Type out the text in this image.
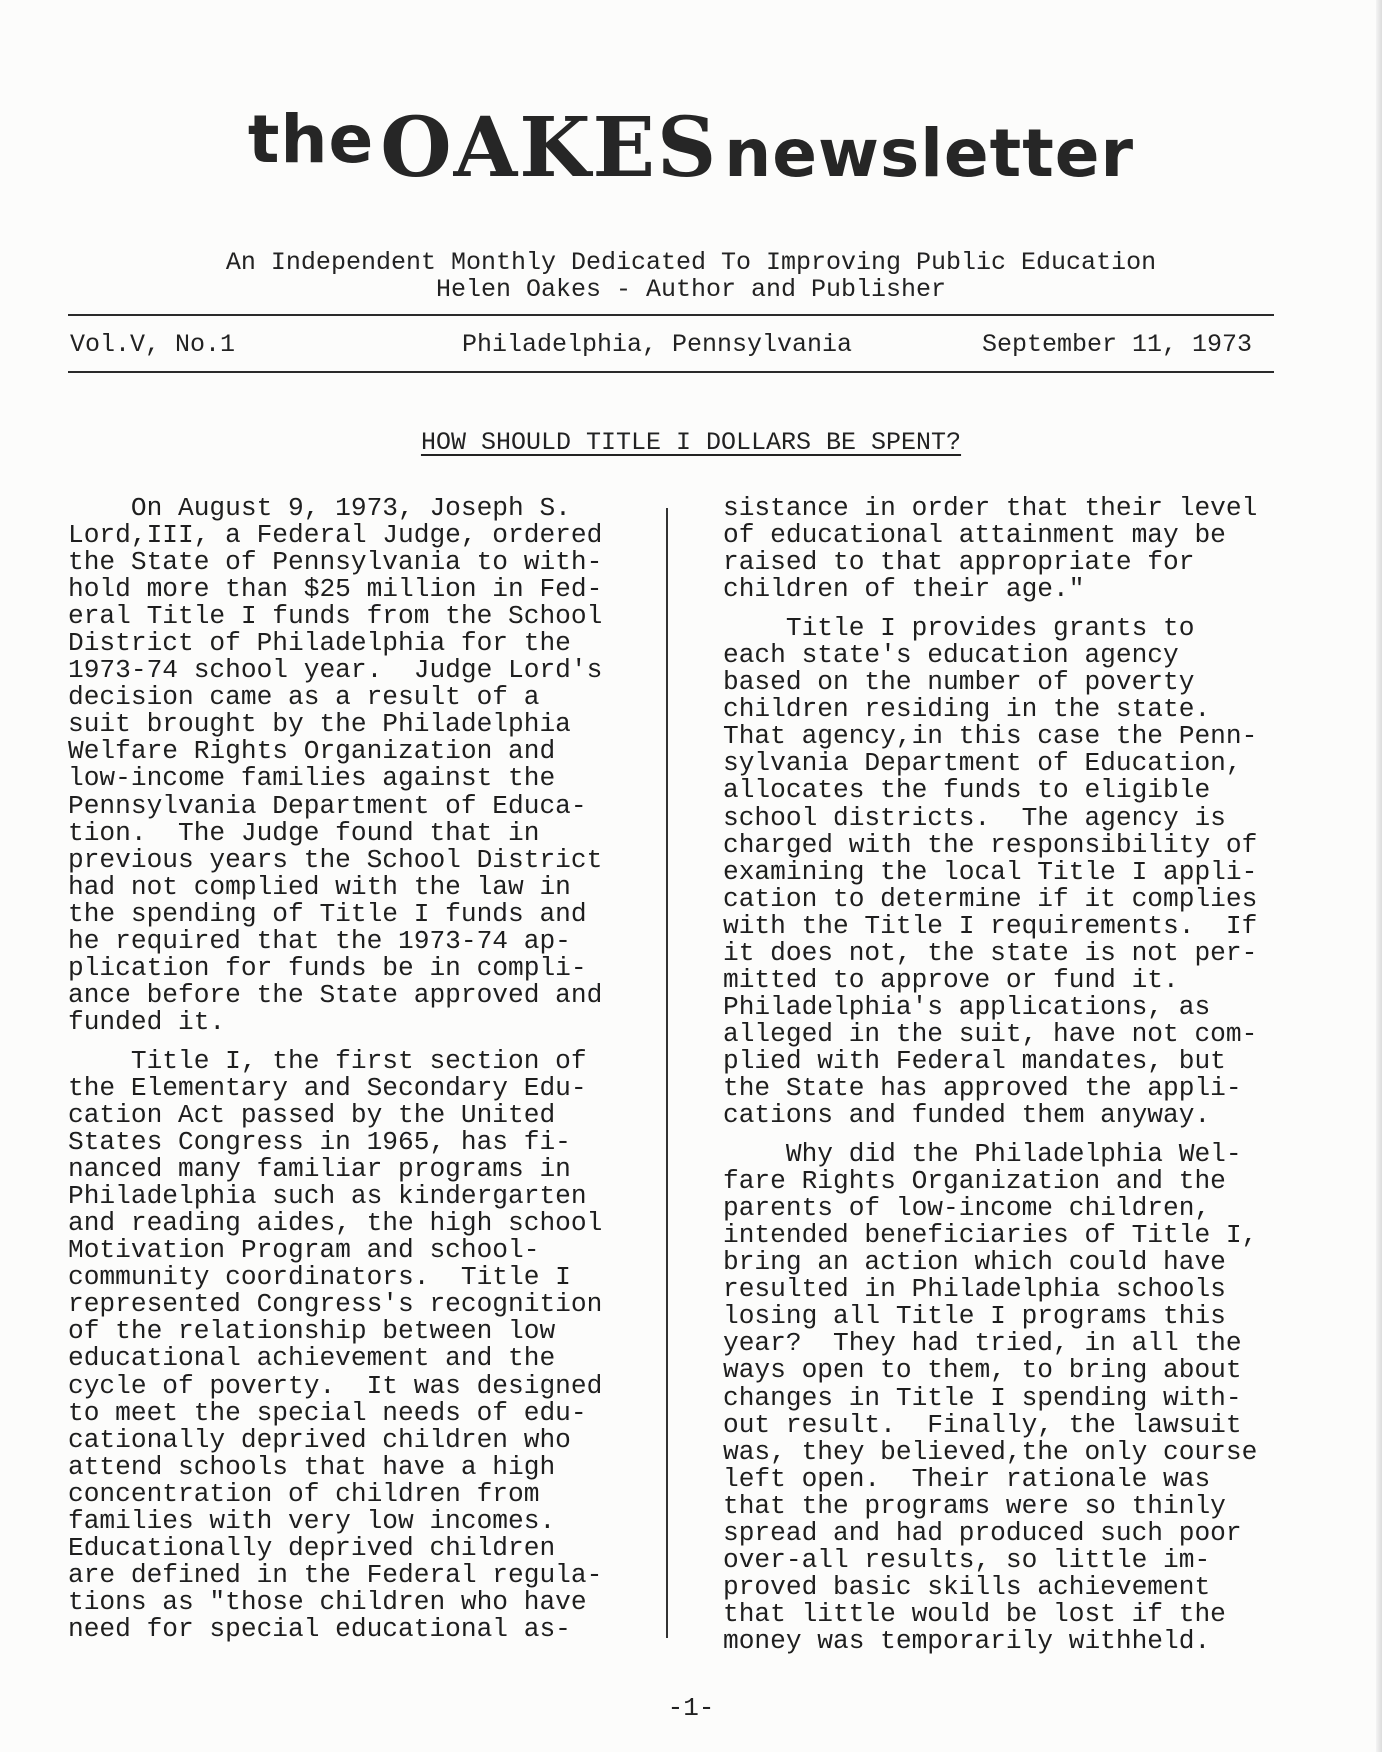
theOAKESnewsletter
An Independent Monthly Dedicated To Improving Public Education
Helen Oakes - Author and Publisher
Vol.V, No.1	Philadelphia, Pennsylvania	September 11, 1973
HOW SHOULD TITLE I DOLLARS BE SPENT?

On August 9, 1973, Joseph S.
Lord,III, a Federal Judge, ordered
the State of Pennsylvania to with-
hold more than $25 million in Fed-
eral Title I funds from the School
District of Philadelphia for the
1973-74 school year.  Judge Lord's
decision came as a result of a
suit brought by the Philadelphia
Welfare Rights Organization and
low-income families against the
Pennsylvania Department of Educa-
tion.  The Judge found that in
previous years the School District
had not complied with the law in
the spending of Title I funds and
he required that the 1973-74 ap-
plication for funds be in compli-
ance before the State approved and
funded it.

Title I, the first section of
the Elementary and Secondary Edu-
cation Act passed by the United
States Congress in 1965, has fi-
nanced many familiar programs in
Philadelphia such as kindergarten
and reading aides, the high school
Motivation Program and school-
community coordinators.  Title I
represented Congress's recognition
of the relationship between low
educational achievement and the
cycle of poverty.  It was designed
to meet the special needs of edu-
cationally deprived children who
attend schools that have a high
concentration of children from
families with very low incomes.
Educationally deprived children
are defined in the Federal regula-
tions as "those children who have
need for special educational as-

sistance in order that their level
of educational attainment may be
raised to that appropriate for
children of their age."

Title I provides grants to
each state's education agency
based on the number of poverty
children residing in the state.
That agency,in this case the Penn-
sylvania Department of Education,
allocates the funds to eligible
school districts.  The agency is
charged with the responsibility of
examining the local Title I appli-
cation to determine if it complies
with the Title I requirements.  If
it does not, the state is not per-
mitted to approve or fund it.
Philadelphia's applications, as
alleged in the suit, have not com-
plied with Federal mandates, but
the State has approved the appli-
cations and funded them anyway.

Why did the Philadelphia Wel-
fare Rights Organization and the
parents of low-income children,
intended beneficiaries of Title I,
bring an action which could have
resulted in Philadelphia schools
losing all Title I programs this
year?  They had tried, in all the
ways open to them, to bring about
changes in Title I spending with-
out result.  Finally, the lawsuit
was, they believed,the only course
left open.  Their rationale was
that the programs were so thinly
spread and had produced such poor
over-all results, so little im-
proved basic skills achievement
that little would be lost if the
money was temporarily withheld.

-1-
